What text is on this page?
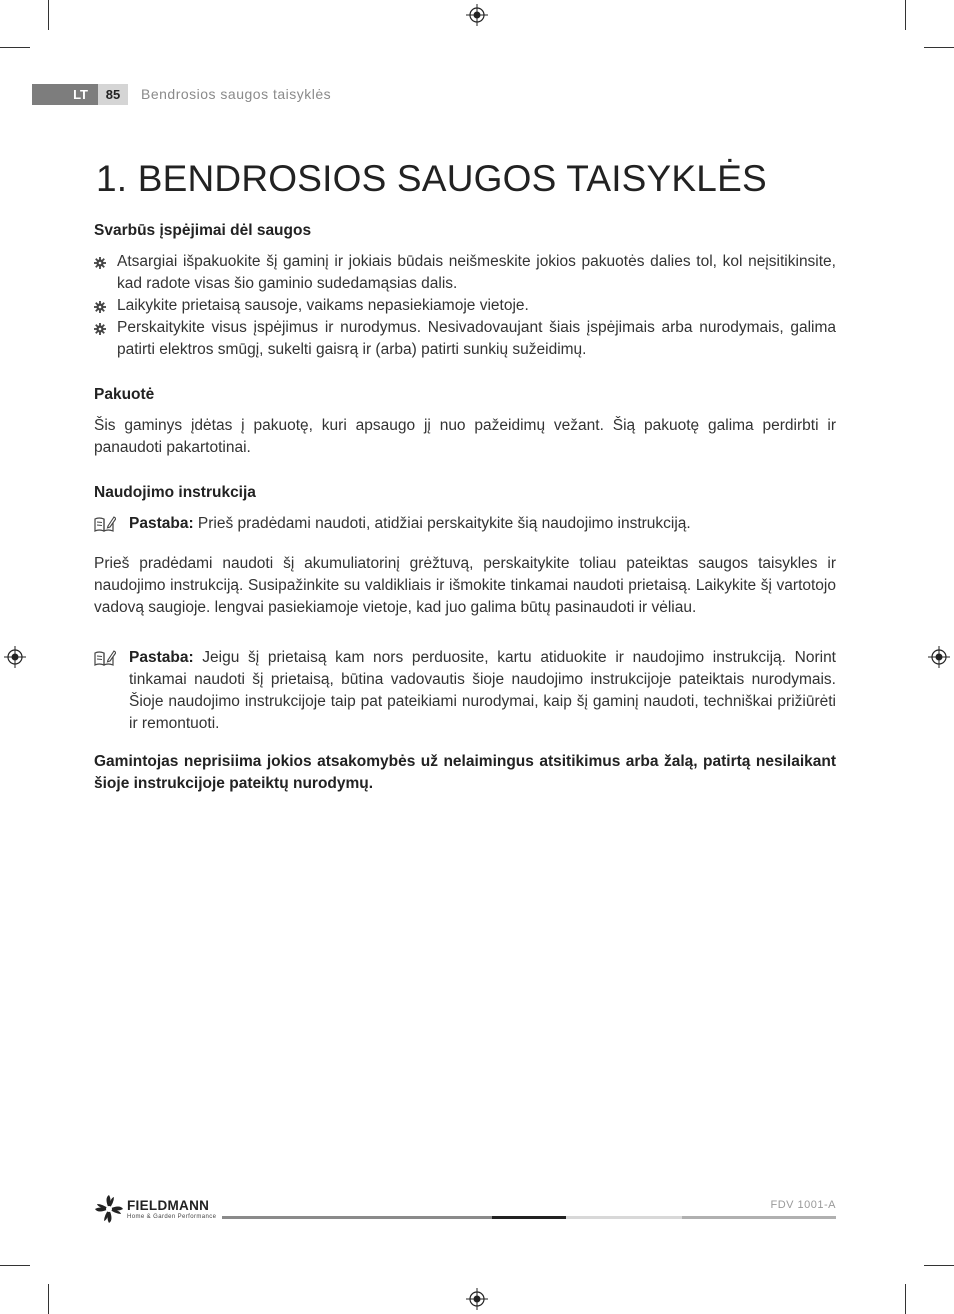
LT	85	Bendrosios saugos taisyklės
1. BENDROSIOS SAUGOS TAISYKLĖS
Svarbūs įspėjimai dėl saugos
Atsargiai išpakuokite šį gaminį ir jokiais būdais neišmeskite jokios pakuotės dalies tol, kol neįsitikinsite, kad radote visas šio gaminio sudedamąsias dalis.
Laikykite prietaisą sausoje, vaikams nepasiekiamoje vietoje.
Perskaitykite visus įspėjimus ir nurodymus. Nesivadovaujant šiais įspėjimais arba nurodymais, galima patirti elektros smūgį, sukelti gaisrą ir (arba) patirti sunkių sužeidimų.
Pakuotė

Šis gaminys įdėtas į pakuotę, kuri apsaugo jį nuo pažeidimų vežant. Šią pakuotę galima perdirbti ir panaudoti pakartotinai.

Naudojimo instrukcija

Pastaba: Prieš pradėdami naudoti, atidžiai perskaitykite šią naudojimo instrukciją.

Prieš pradėdami naudoti šį akumuliatorinį grėžtuvą, perskaitykite toliau pateiktas saugos taisykles ir naudojimo instrukciją. Susipažinkite su valdikliais ir išmokite tinkamai naudoti prietaisą. Laikykite šį vartotojo vadovą saugioje. lengvai pasiekiamoje vietoje, kad juo galima būtų pasinaudoti ir vėliau.

Pastaba: Jeigu šį prietaisą kam nors perduosite, kartu atiduokite ir naudojimo instrukciją. Norint tinkamai naudoti šį prietaisą, būtina vadovautis šioje naudojimo instrukcijoje pateiktais nurodymais. Šioje naudojimo instrukcijoje taip pat pateikiami nurodymai, kaip šį gaminį naudoti, techniškai prižiūrėti ir remontuoti.

Gamintojas neprisiima jokios atsakomybės už nelaimingus atsitikimus arba žalą, patirtą nesilaikant šioje instrukcijoje pateiktų nurodymų.

FIELDMANN
Home & Garden Performance
FDV 1001-A
